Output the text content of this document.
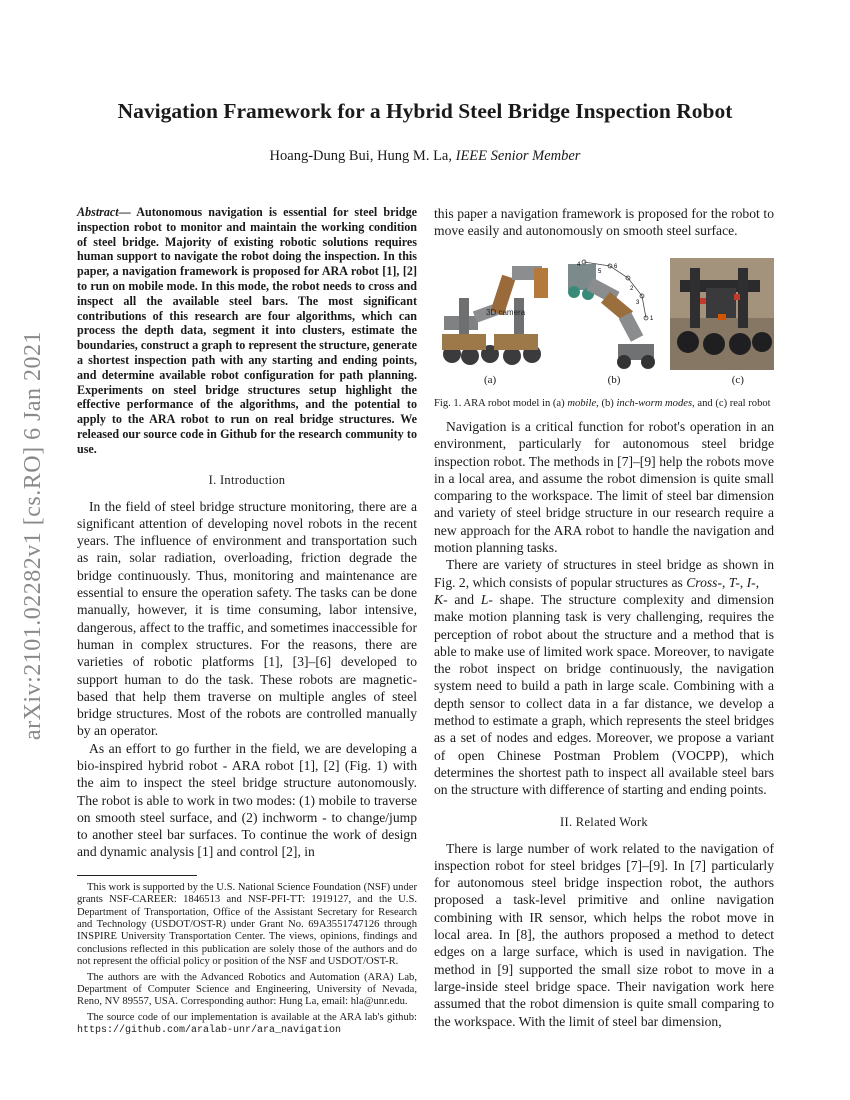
arXiv:2101.02282v1 [cs.RO] 6 Jan 2021
Navigation Framework for a Hybrid Steel Bridge Inspection Robot
Hoang-Dung Bui, Hung M. La, IEEE Senior Member

Abstract— Autonomous navigation is essential for steel bridge inspection robot to monitor and maintain the working condition of steel bridge. Majority of existing robotic solutions requires human support to navigate the robot doing the inspection. In this paper, a navigation framework is proposed for ARA robot [1], [2] to run on mobile mode. In this mode, the robot needs to cross and inspect all the available steel bars. The most significant contributions of this research are four algorithms, which can process the depth data, segment it into clusters, estimate the boundaries, construct a graph to represent the structure, generate a shortest inspection path with any starting and ending points, and determine available robot configuration for path planning. Experiments on steel bridge structures setup highlight the effective performance of the algorithms, and the potential to apply to the ARA robot to run on real bridge structures. We released our source code in Github for the research community to use.

I. Introduction

In the field of steel bridge structure monitoring, there are a significant attention of developing novel robots in the recent years. The influence of environment and transportation such as rain, solar radiation, overloading, friction degrade the bridge continuously. Thus, monitoring and maintenance are essential to ensure the operation safety. The tasks can be done manually, however, it is time consuming, labor intensive, dangerous, affect to the traffic, and sometimes inaccessible for human in complex structures. For the reasons, there are varieties of robotic platforms [1], [3]–[6] developed to support human to do the task. These robots are magnetic-based that help them traverse on multiple angles of steel bridge structures. Most of the robots are controlled manually by an operator.

As an effort to go further in the field, we are developing a bio-inspired hybrid robot - ARA robot [1], [2] (Fig. 1) with the aim to inspect the steel bridge structure autonomously. The robot is able to work in two modes: (1) mobile to traverse on smooth steel surface, and (2) inchworm - to change/jump to another steel bar surfaces. To continue the work of design and dynamic analysis [1] and control [2], in

This work is supported by the U.S. National Science Foundation (NSF) under grants NSF-CAREER: 1846513 and NSF-PFI-TT: 1919127, and the U.S. Department of Transportation, Office of the Assistant Secretary for Research and Technology (USDOT/OST-R) under Grant No. 69A3551747126 through INSPIRE University Transportation Center. The views, opinions, findings and conclusions reflected in this publication are solely those of the authors and do not represent the official policy or position of the NSF and USDOT/OST-R.

The authors are with the Advanced Robotics and Automation (ARA) Lab, Department of Computer Science and Engineering, University of Nevada, Reno, NV 89557, USA. Corresponding author: Hung La, email: hla@unr.edu.

The source code of our implementation is available at the ARA lab's github: https://github.com/aralab-unr/ara_navigation

this paper a navigation framework is proposed for the robot to move easily and autonomously on smooth steel surface.

3D camera
4
5
6
2
3
1
(a)	(b)	(c)
Fig. 1. ARA robot model in (a) mobile, (b) inch-worm modes, and (c) real robot

Navigation is a critical function for robot's operation in an environment, particularly for autonomous steel bridge inspection robot. The methods in [7]–[9] help the robots move in a local area, and assume the robot dimension is quite small comparing to the workspace. The limit of steel bar dimension and variety of steel bridge structure in our research require a new approach for the ARA robot to handle the navigation and motion planning tasks.

There are variety of structures in steel bridge as shown in Fig. 2, which consists of popular structures as Cross-, T-, I-,
K- and L- shape. The structure complexity and dimension make motion planning task is very challenging, requires the perception of robot about the structure and a method that is able to make use of limited work space. Moreover, to navigate the robot inspect on bridge continuously, the navigation system need to build a path in large scale. Combining with a depth sensor to collect data in a far distance, we develop a method to estimate a graph, which represents the steel bridges as a set of nodes and edges. Moreover, we propose a variant of open Chinese Postman Problem (VOCPP), which determines the shortest path to inspect all available steel bars on the structure with difference of starting and ending points.

II. Related Work

There is large number of work related to the navigation of inspection robot for steel bridges [7]–[9]. In [7] particularly for autonomous steel bridge inspection robot, the authors proposed a task-level primitive and online navigation combining with IR sensor, which helps the robot move in local area. In [8], the authors proposed a method to detect edges on a large surface, which is used in navigation. The method in [9] supported the small size robot to move in a large-inside steel bridge space. Their navigation work here assumed that the robot dimension is quite small comparing to the workspace. With the limit of steel bar dimension,
